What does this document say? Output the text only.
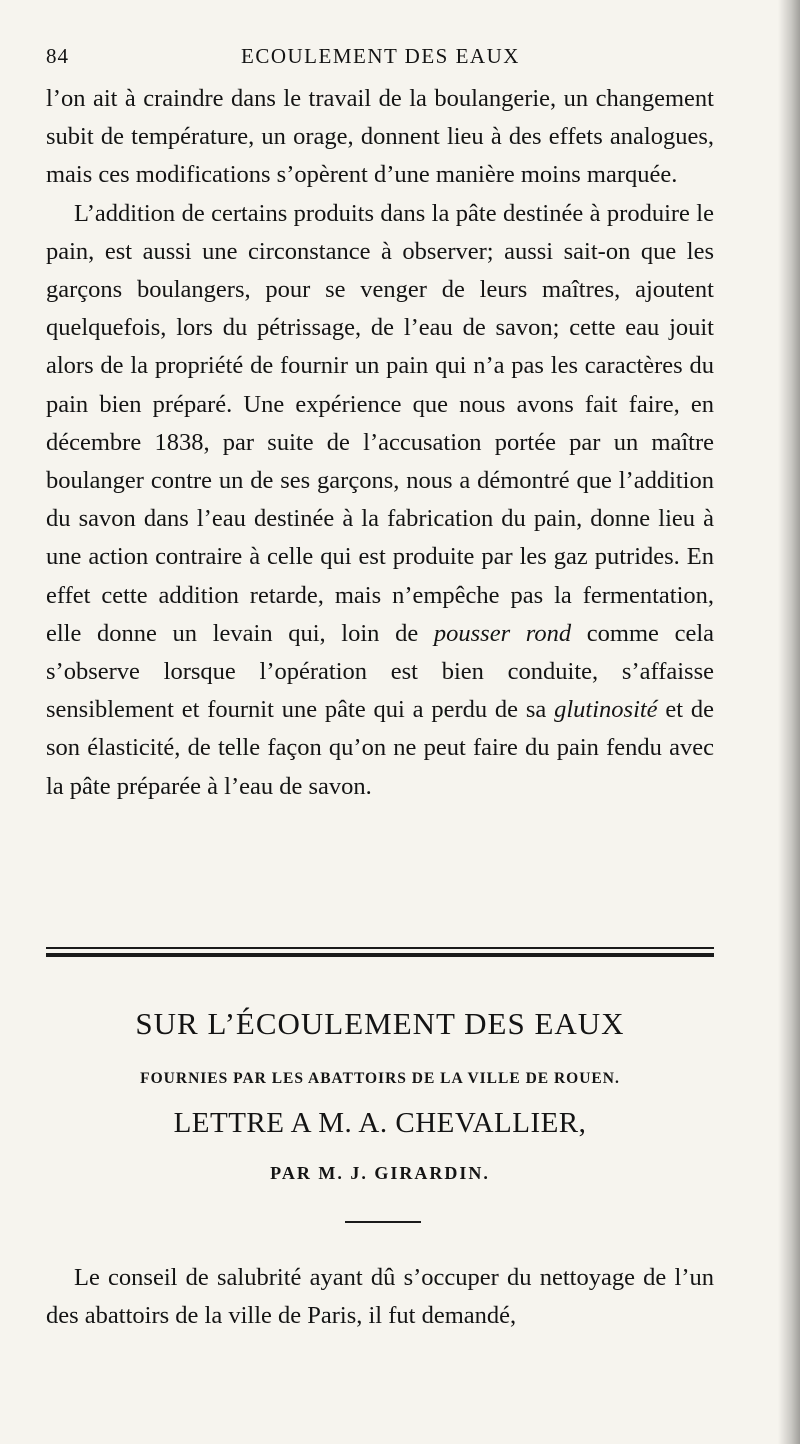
84	ECOULEMENT DES EAUX

l’on ait à craindre dans le travail de la boulangerie, un changement subit de température, un orage, donnent lieu à des effets analogues, mais ces modifications s’opèrent d’une manière moins marquée.

L’addition de certains produits dans la pâte destinée à produire le pain, est aussi une circonstance à observer; aussi sait-on que les garçons boulangers, pour se venger de leurs maîtres, ajoutent quelquefois, lors du pétrissage, de l’eau de savon; cette eau jouit alors de la propriété de fournir un pain qui n’a pas les caractères du pain bien préparé. Une expérience que nous avons fait faire, en décembre 1838, par suite de l’accusation portée par un maître boulanger contre un de ses garçons, nous a démontré que l’addition du savon dans l’eau destinée à la fabrication du pain, donne lieu à une action contraire à celle qui est produite par les gaz putrides. En effet cette addition retarde, mais n’empêche pas la fermentation, elle donne un levain qui, loin de pousser rond comme cela s’observe lorsque l’opération est bien conduite, s’affaisse sensiblement et fournit une pâte qui a perdu de sa glutinosité et de son élasticité, de telle façon qu’on ne peut faire du pain fendu avec la pâte préparée à l’eau de savon.

SUR L’ÉCOULEMENT DES EAUX
FOURNIES PAR LES ABATTOIRS DE LA VILLE DE ROUEN.
LETTRE A M. A. CHEVALLIER,
PAR M. J. GIRARDIN.
Le conseil de salubrité ayant dû s’occuper du nettoyage de l’un des abattoirs de la ville de Paris, il fut demandé,
